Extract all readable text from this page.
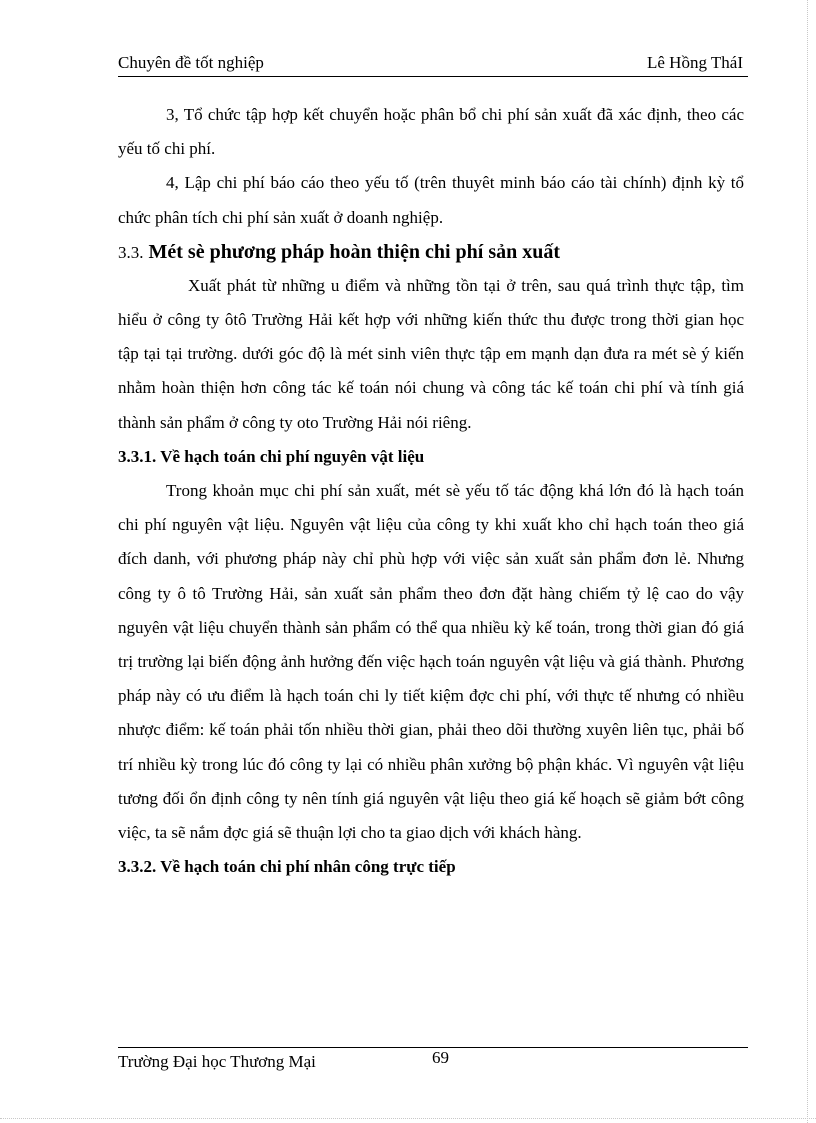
Chuyên đề tốt nghiệp	Lê Hồng TháI

3, Tổ chức tập hợp kết chuyển hoặc phân bổ chi phí sản xuất đã xác định, theo các yếu tố chi phí.

4, Lập chi phí báo cáo theo yếu tố (trên thuyêt minh báo cáo tài chính) định kỳ tổ chức phân tích chi phí sản xuất ở doanh nghiệp.

3.3. Mét sè phương pháp hoàn thiện chi phí sản xuất

Xuất phát từ những u điểm và những tồn tại ở trên, sau quá trình thực tập, tìm hiểu ở công ty ôtô Trường Hải kết hợp với những kiến thức thu được trong thời gian học tập tại tại trường. dưới góc độ là mét sinh viên thực tập em mạnh dạn đưa ra mét sè ý kiến nhằm hoàn thiện hơn công tác kế toán nói chung và công tác kế toán chi phí và tính giá thành sản phẩm ở công ty oto Trường Hải nói riêng.

3.3.1. Về hạch toán chi phí nguyên vật liệu

Trong khoản mục chi phí sản xuất, mét sè yếu tố tác động khá lớn đó là hạch toán chi phí nguyên vật liệu. Nguyên vật liệu của công ty khi xuất kho chỉ hạch toán theo giá đích danh, với phương pháp này chỉ phù hợp với việc sản xuất sản phẩm đơn lẻ. Nhưng công ty ô tô Trường Hải, sản xuất sản phẩm theo đơn đặt hàng chiếm tỷ lệ cao do vậy nguyên vật liệu chuyển thành sản phẩm có thể qua nhiều kỳ kế toán, trong thời gian đó giá trị trường lại biến động ảnh hưởng đến việc hạch toán nguyên vật liệu và giá thành. Phương pháp này có ưu điểm là hạch toán chi ly tiết kiệm đợc chi phí, với thực tế nhưng có nhiều nhược điểm: kế toán phải tốn nhiều thời gian, phải theo dõi thường xuyên liên tục, phải bố trí nhiều kỳ trong lúc đó công ty lại có nhiều phân xưởng bộ phận khác. Vì nguyên vật liệu tương đối ổn định công ty nên tính giá nguyên vật liệu theo giá kế hoạch sẽ giảm bớt công việc, ta sẽ nắm đợc giá sẽ thuận lợi cho ta giao dịch với khách hàng.

3.3.2. Về hạch toán chi phí nhân công trực tiếp

Trường Đại học Thương Mại	69
